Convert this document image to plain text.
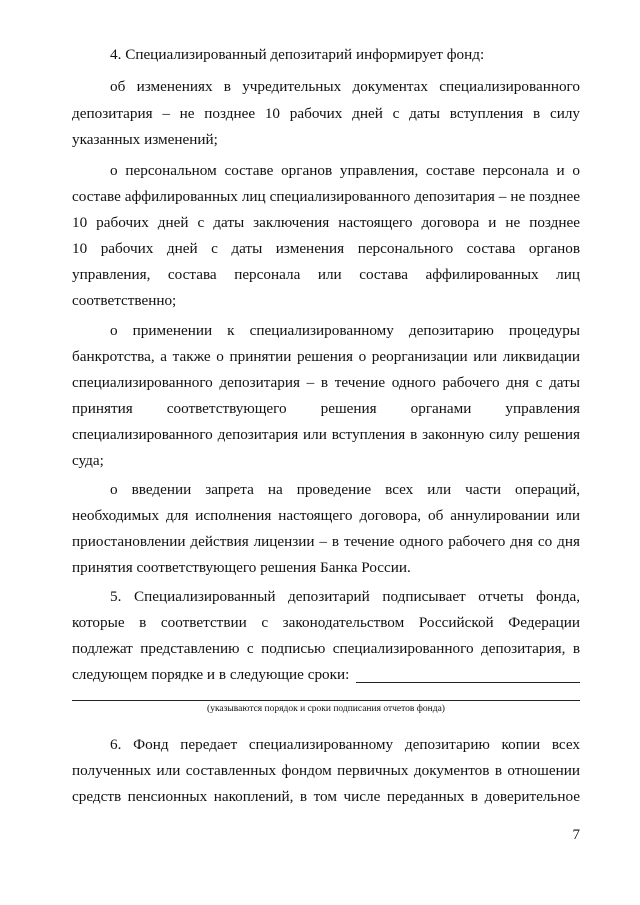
4. Специализированный депозитарий информирует фонд:
об изменениях в учредительных документах специализированного
депозитария – не позднее 10 рабочих дней с даты вступления в силу
указанных изменений;
о персональном составе органов управления, составе персонала и о
составе аффилированных лиц специализированного депозитария – не позднее
10 рабочих дней с даты заключения настоящего договора и не позднее
10 рабочих дней с даты изменения персонального состава органов
управления, состава персонала или состава аффилированных лиц
соответственно;
о применении к специализированному депозитарию процедуры
банкротства, а также о принятии решения о реорганизации или ликвидации
специализированного депозитария – в течение одного рабочего дня с даты
принятия соответствующего решения органами управления
специализированного депозитария или вступления в законную силу решения
суда;
о введении запрета на проведение всех или части операций,
необходимых для исполнения настоящего договора, об аннулировании или
приостановлении действия лицензии – в течение одного рабочего дня со дня
принятия соответствующего решения Банка России.
5. Специализированный депозитарий подписывает отчеты фонда,
которые в соответствии с законодательством Российской Федерации
подлежат представлению с подписью специализированного депозитария, в
следующем порядке и в следующие сроки:
(указываются порядок и сроки подписания отчетов фонда)
6. Фонд передает специализированному депозитарию копии всех
полученных или составленных фондом первичных документов в отношении
средств пенсионных накоплений, в том числе переданных в доверительное
7
